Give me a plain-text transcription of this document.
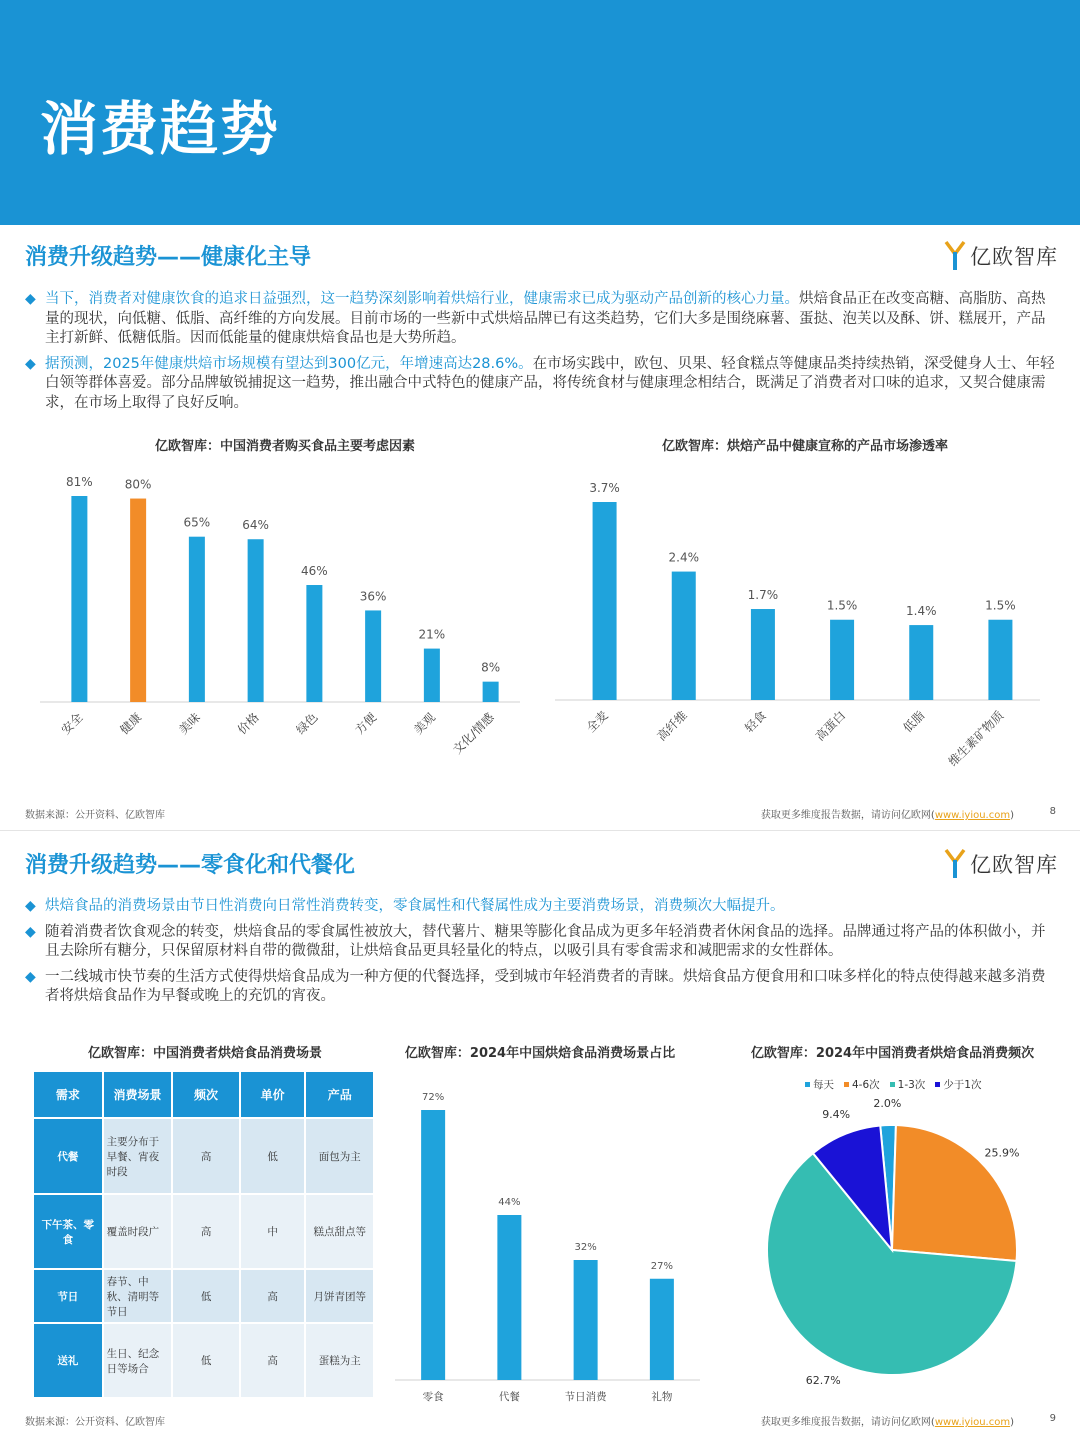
消费趋势
消费升级趋势——健康化主导	亿欧智库
◆ 当下，消费者对健康饮食的追求日益强烈，这一趋势深刻影响着烘焙行业，健康需求已成为驱动产品创新的核心力量。烘焙食品正在改变高糖、高脂肪、高热量的现状，向低糖、低脂、高纤维的方向发展。目前市场的一些新中式烘焙品牌已有这类趋势，它们大多是围绕麻薯、蛋挞、泡芙以及酥、饼、糕展开，产品主打新鲜、低糖低脂。因而低能量的健康烘焙食品也是大势所趋。
◆ 据预测，2025年健康烘焙市场规模有望达到300亿元，年增速高达28.6%。在市场实践中，欧包、贝果、轻食糕点等健康品类持续热销，深受健身人士、年轻白领等群体喜爱。部分品牌敏锐捕捉这一趋势，推出融合中式特色的健康产品，将传统食材与健康理念相结合，既满足了消费者对口味的追求，又契合健康需求，在市场上取得了良好反响。
亿欧智库：中国消费者购买食品主要考虑因素
81%
安全
80%
健康
65%
美味
64%
价格
46%
绿色
36%
方便
21%
美观
8%
文化/情感
亿欧智库：烘焙产品中健康宣称的产品市场渗透率
3.7%
全麦
2.4%
高纤维
1.7%
轻食
1.5%
高蛋白
1.4%
低脂
1.5%
维生素矿物质
数据来源：公开资料、亿欧智库	获取更多维度报告数据，请访问亿欧网(www.iyiou.com)	8
消费升级趋势——零食化和代餐化	亿欧智库
◆ 烘焙食品的消费场景由节日性消费向日常性消费转变，零食属性和代餐属性成为主要消费场景，消费频次大幅提升。
◆ 随着消费者饮食观念的转变，烘焙食品的零食属性被放大，替代薯片、糖果等膨化食品成为更多年轻消费者休闲食品的选择。品牌通过将产品的体积做小，并且去除所有糖分，只保留原材料自带的微微甜，让烘焙食品更具轻量化的特点，以吸引具有零食需求和减肥需求的女性群体。
◆ 一二线城市快节奏的生活方式使得烘焙食品成为一种方便的代餐选择，受到城市年轻消费者的青睐。烘焙食品方便食用和口味多样化的特点使得越来越多消费者将烘焙食品作为早餐或晚上的充饥的宵夜。
亿欧智库：中国消费者烘焙食品消费场景
需求	消费场景	频次	单价	产品
代餐	主要分布于早餐、宵夜时段	高	低	面包为主
下午茶、零食	覆盖时段广	高	中	糕点甜点等
节日	春节、中秋、清明等节日	低	高	月饼青团等
送礼	生日、纪念日等场合	低	高	蛋糕为主
亿欧智库：2024年中国烘焙食品消费场景占比
72%
零食
44%
代餐
32%
节日消费
27%
礼物
亿欧智库：2024年中国消费者烘焙食品消费频次
每天 4-6次 1-3次 少于1次
2.0%
25.9%
62.7%
9.4%
数据来源：公开资料、亿欧智库	获取更多维度报告数据，请访问亿欧网(www.iyiou.com)	9
